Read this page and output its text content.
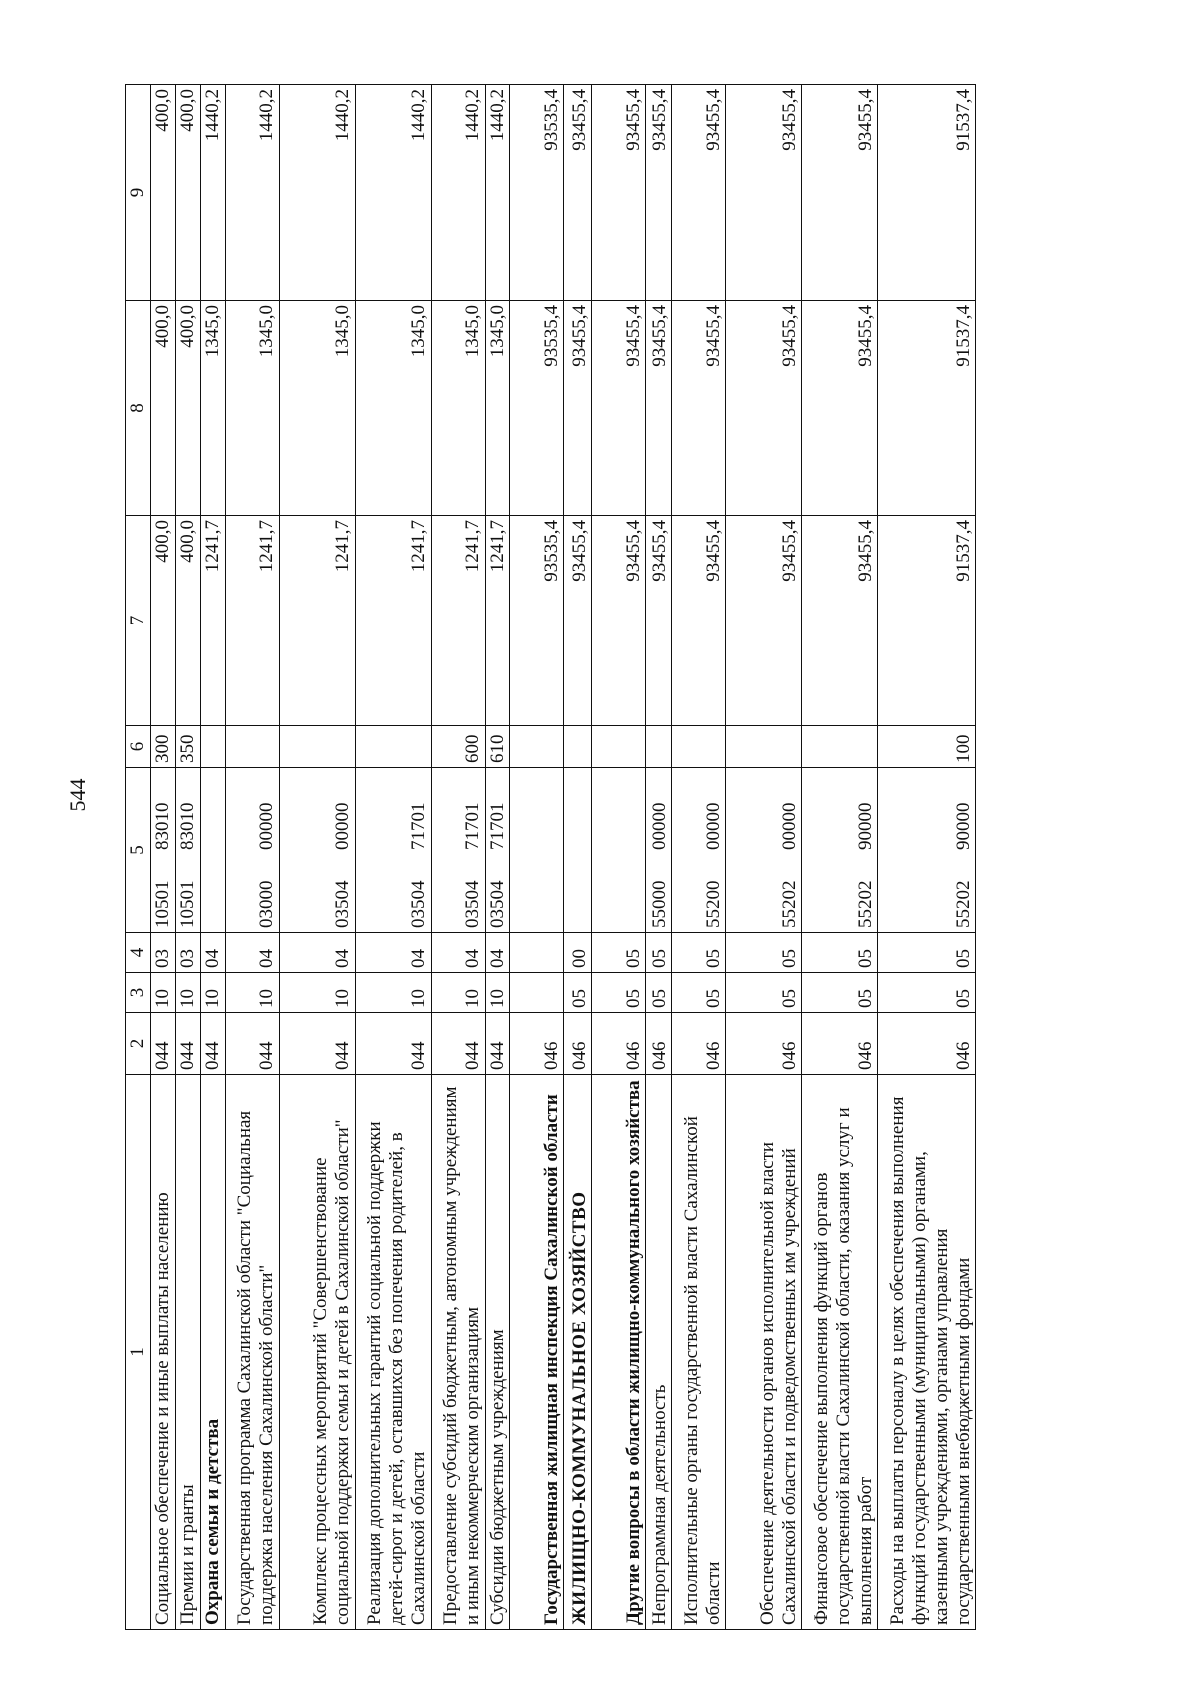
544
1	2	3	4	5	6	7	8	9
Социальное обеспечение и иные выплаты населению	044	10	03	1050183010	300	400,0	400,0	400,0
Премии и гранты	044	10	03	1050183010	350	400,0	400,0	400,0
Охрана семьи и детства	044	10	04			1241,7	1345,0	1440,2
Государственная программа Сахалинской области "Социальная поддержка населения Сахалинской области"	044	10	04	0300000000		1241,7	1345,0	1440,2
Комплекс процессных мероприятий "Совершенствование социальной поддержки семьи и детей в Сахалинской области"	044	10	04	0350400000		1241,7	1345,0	1440,2
Реализация дополнительных гарантий социальной поддержки детей-сирот и детей, оставшихся без попечения родителей, в Сахалинской области	044	10	04	0350471701		1241,7	1345,0	1440,2
Предоставление субсидий бюджетным, автономным учреждениям и иным некоммерческим организациям	044	10	04	0350471701	600	1241,7	1345,0	1440,2
Субсидии бюджетным учреждениям	044	10	04	0350471701	610	1241,7	1345,0	1440,2
Государственная жилищная инспекция Сахалинской области	046					93535,4	93535,4	93535,4
ЖИЛИЩНО-КОММУНАЛЬНОЕ ХОЗЯЙСТВО	046	05	00			93455,4	93455,4	93455,4
Другие вопросы в области жилищно-коммунального хозяйства	046	05	05			93455,4	93455,4	93455,4
Непрограммная деятельность	046	05	05	5500000000		93455,4	93455,4	93455,4
Исполнительные органы государственной власти Сахалинской области	046	05	05	5520000000		93455,4	93455,4	93455,4
Обеспечение деятельности органов исполнительной власти Сахалинской области и подведомственных им учреждений	046	05	05	5520200000		93455,4	93455,4	93455,4
Финансовое обеспечение выполнения функций органов государственной власти Сахалинской области, оказания услуг и выполнения работ	046	05	05	5520290000		93455,4	93455,4	93455,4
Расходы на выплаты персоналу в целях обеспечения выполнения функций государственными (муниципальными) органами, казенными учреждениями, органами управления государственными внебюджетными фондами	046	05	05	5520290000	100	91537,4	91537,4	91537,4
